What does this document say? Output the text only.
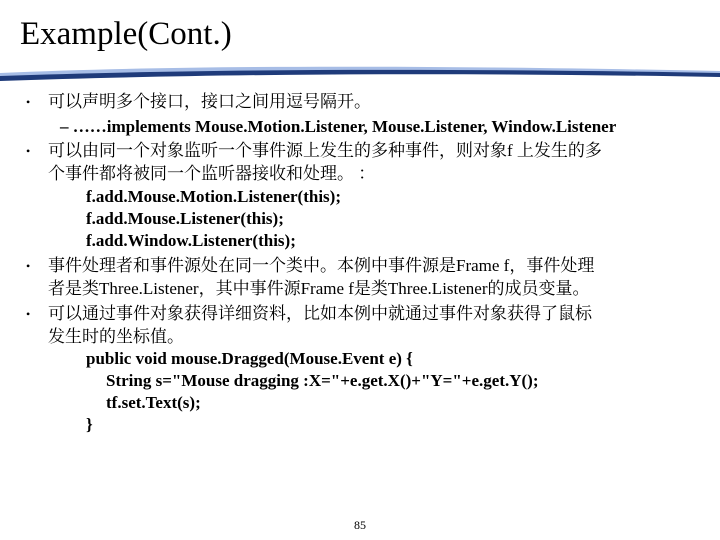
Example(Cont.)
• 可以声明多个接口，接口之间用逗号隔开。
– ……implements Mouse.Motion.Listener, Mouse.Listener, Window.Listener
• 可以由同一个对象监听一个事件源上发生的多种事件，则对象f 上发生的多
个事件都将被同一个监听器接收和处理。 ：
f.add.Mouse.Motion.Listener(this);
f.add.Mouse.Listener(this);
f.add.Window.Listener(this);
• 事件处理者和事件源处在同一个类中。本例中事件源是Frame f，事件处理
者是类Three.Listener，其中事件源Frame f是类Three.Listener的成员变量。
• 可以通过事件对象获得详细资料，比如本例中就通过事件对象获得了鼠标
发生时的坐标值。
public void mouse.Dragged(Mouse.Event e) {
String s="Mouse dragging :X="+e.get.X()+"Y="+e.get.Y();
tf.set.Text(s);
}
85
